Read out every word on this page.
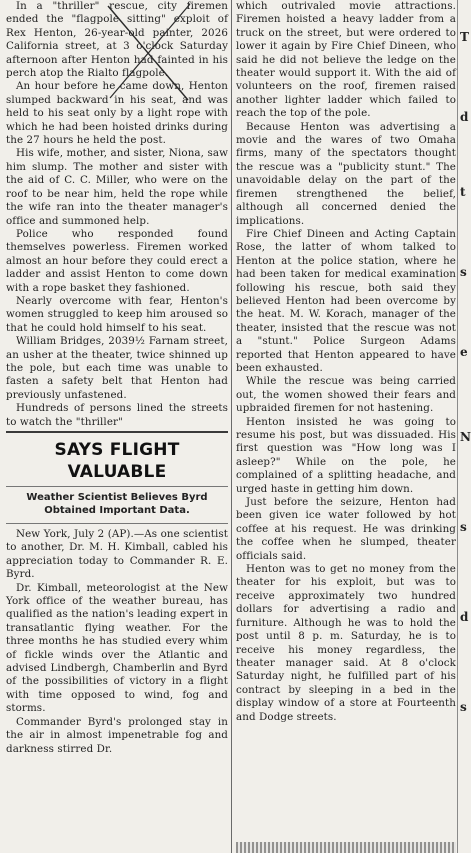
In a "thriller" rescue, city firemen ended the "flagpole sitting" exploit of Rex Henton, 26-year-old painter, 2026 California street, at 3 o'clock Saturday afternoon after Henton had fainted in his perch atop the Rialto flagpole.

An hour before he came down, Henton slumped backward in his seat, and was held to his seat only by a light rope with which he had been hoisted drinks during the 27 hours he held the post.

His wife, mother, and sister, Niona, saw him slump. The mother and sister with the aid of C. C. Miller, who were on the roof to be near him, held the rope while the wife ran into the theater manager's office and summoned help.

Police who responded found themselves powerless. Firemen worked almost an hour before they could erect a ladder and assist Henton to come down with a rope basket they fashioned.

Nearly overcome with fear, Henton's women struggled to keep him aroused so that he could hold himself to his seat.

William Bridges, 2039½ Farnam street, an usher at the theater, twice shinned up the pole, but each time was unable to fasten a safety belt that Henton had previously unfastened.

Hundreds of persons lined the streets to watch the "thriller"

SAYS FLIGHT VALUABLE
Weather Scientist Believes Byrd Obtained Important Data.

New York, July 2 (AP).—As one scientist to another, Dr. M. H. Kimball, cabled his appreciation today to Commander R. E. Byrd.

Dr. Kimball, meteorologist at the New York office of the weather bureau, has qualified as the nation's leading expert in transatlantic flying weather. For the three months he has studied every whim of fickle winds over the Atlantic and advised Lindbergh, Chamberlin and Byrd of the possibilities of victory in a flight with time opposed to wind, fog and storms.

Commander Byrd's prolonged stay in the air in almost impenetrable fog and darkness stirred Dr.

which outrivaled movie attractions. Firemen hoisted a heavy ladder from a truck on the street, but were ordered to lower it again by Fire Chief Dineen, who said he did not believe the ledge on the theater would support it. With the aid of volunteers on the roof, firemen raised another lighter ladder which failed to reach the top of the pole.

Because Henton was advertising a movie and the wares of two Omaha firms, many of the spectators thought the rescue was a "publicity stunt." The unavoidable delay on the part of the firemen strengthened the belief, although all concerned denied the implications.

Fire Chief Dineen and Acting Captain Rose, the latter of whom talked to Henton at the police station, where he had been taken for medical examination following his rescue, both said they believed Henton had been overcome by the heat. M. W. Korach, manager of the theater, insisted that the rescue was not a "stunt." Police Surgeon Adams reported that Henton appeared to have been exhausted.

While the rescue was being carried out, the women showed their fears and upbraided firemen for not hastening.

Henton insisted he was going to resume his post, but was dissuaded. His first question was "How long was I asleep?" While on the pole, he complained of a splitting headache, and urged haste in getting him down.

Just before the seizure, Henton had been given ice water followed by hot coffee at his request. He was drinking the coffee when he slumped, theater officials said.

Henton was to get no money from the theater for his exploit, but was to receive approximately two hundred dollars for advertising a radio and furniture. Although he was to hold the post until 8 p. m. Saturday, he is to receive his money regardless, the theater manager said. At 8 o'clock Saturday night, he fulfilled part of his contract by sleeping in a bed in the display window of a store at Fourteenth and Dodge streets.

T
d
t
s
e
N
s
d
s
